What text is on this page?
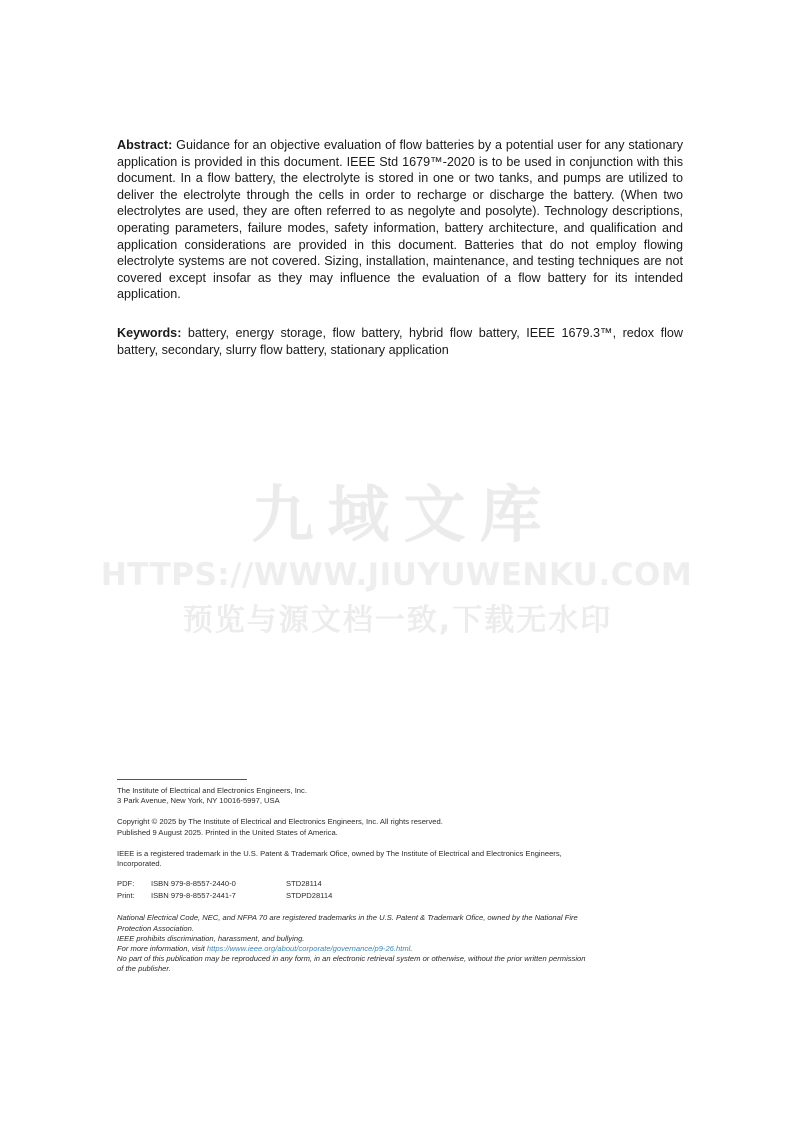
九域文库
HTTPS://WWW.JIUYUWENKU.COM
预览与源文档一致,下载无水印

Abstract: Guidance for an objective evaluation of flow batteries by a potential user for any stationary application is provided in this document. IEEE Std 1679™-2020 is to be used in conjunction with this document. In a flow battery, the electrolyte is stored in one or two tanks, and pumps are utilized to deliver the electrolyte through the cells in order to recharge or discharge the battery. (When two electrolytes are used, they are often referred to as negolyte and posolyte). Technology descriptions, operating parameters, failure modes, safety information, battery architecture, and qualification and application considerations are provided in this document. Batteries that do not employ flowing electrolyte systems are not covered. Sizing, installation, maintenance, and testing techniques are not covered except insofar as they may influence the evaluation of a flow battery for its intended application.

Keywords: battery, energy storage, flow battery, hybrid flow battery, IEEE 1679.3™, redox flow battery, secondary, slurry flow battery, stationary application

The Institute of Electrical and Electronics Engineers, Inc.

3 Park Avenue, New York, NY 10016-5997, USA

Copyright © 2025 by The Institute of Electrical and Electronics Engineers, Inc. All rights reserved.

Published 9 August 2025. Printed in the United States of America.

IEEE is a registered trademark in the U.S. Patent & Trademark Ofice, owned by The Institute of Electrical and Electronics Engineers,

Incorporated.

PDF:	ISBN 979-8-8557-2440-0	STD28114
Print:	ISBN 979-8-8557-2441-7	STDPD28114

National Electrical Code, NEC, and NFPA 70 are registered trademarks in the U.S. Patent & Trademark Ofice, owned by the National Fire

Protection Association.

IEEE prohibits discrimination, harassment, and bullying.

For more information, visit https://www.ieee.org/about/corporate/governance/p9-26.html.

No part of this publication may be reproduced in any form, in an electronic retrieval system or otherwise, without the prior written permission

of the publisher.
